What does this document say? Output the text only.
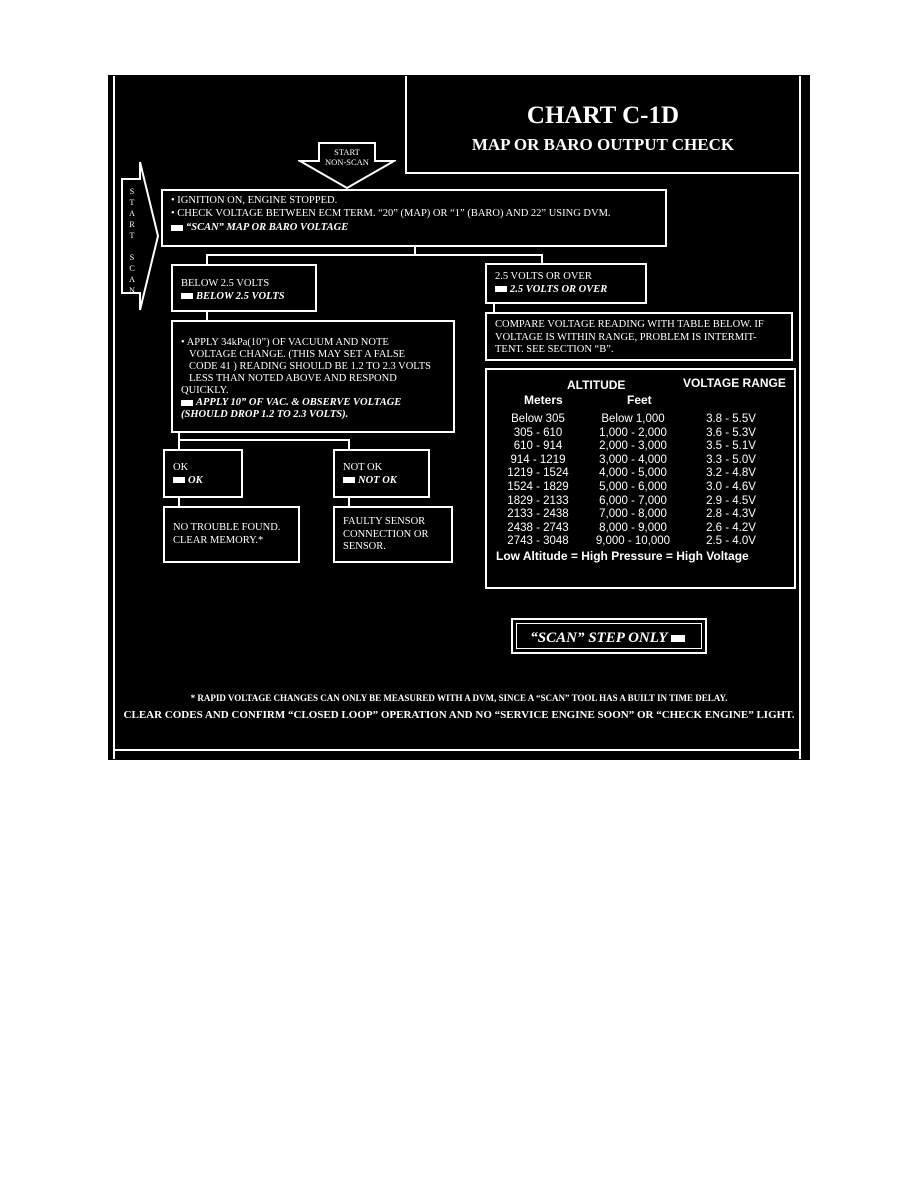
CHART C-1D
MAP OR BARO OUTPUT CHECK
START
NON-SCAN
S
T
A
R
T
S
C
A
N
• IGNITION ON, ENGINE STOPPED.
• CHECK VOLTAGE BETWEEN ECM TERM. “20” (MAP) OR “1” (BARO) AND 22” USING DVM.
“SCAN” MAP OR BARO VOLTAGE
BELOW 2.5 VOLTS
BELOW 2.5 VOLTS
2.5 VOLTS OR OVER
2.5 VOLTS OR OVER
COMPARE VOLTAGE READING WITH TABLE BELOW. IF
VOLTAGE IS WITHIN RANGE, PROBLEM IS INTERMIT-
TENT. SEE SECTION “B”.
• APPLY 34kPa(10”) OF VACUUM AND NOTE
VOLTAGE CHANGE. (THIS MAY SET A FALSE
CODE 41 ) READING SHOULD BE 1.2 TO 2.3 VOLTS
LESS THAN NOTED ABOVE AND RESPOND
QUICKLY.
APPLY 10” OF VAC. & OBSERVE VOLTAGE
(SHOULD DROP 1.2 TO 2.3 VOLTS).
OK
OK
NOT OK
NOT OK
NO TROUBLE FOUND.
CLEAR MEMORY.*
FAULTY SENSOR
CONNECTION OR
SENSOR.
ALTITUDE	VOLTAGE RANGE
Meters	Feet
Below 305	Below 1,000	3.8 - 5.5V
305 - 610	1,000 - 2,000	3.6 - 5.3V
610 - 914	2,000 - 3,000	3.5 - 5.1V
914 - 1219	3,000 - 4,000	3.3 - 5.0V
1219 - 1524	4,000 - 5,000	3.2 - 4.8V
1524 - 1829	5,000 - 6,000	3.0 - 4.6V
1829 - 2133	6,000 - 7,000	2.9 - 4.5V
2133 - 2438	7,000 - 8,000	2.8 - 4.3V
2438 - 2743	8,000 - 9,000	2.6 - 4.2V
2743 - 3048	9,000 - 10,000	2.5 - 4.0V
Low Altitude = High Pressure = High Voltage
“SCAN” STEP ONLY
* RAPID VOLTAGE CHANGES CAN ONLY BE MEASURED WITH A DVM, SINCE A “SCAN” TOOL HAS A BUILT IN TIME DELAY.
CLEAR CODES AND CONFIRM “CLOSED LOOP” OPERATION AND NO “SERVICE ENGINE SOON” OR “CHECK ENGINE” LIGHT.
